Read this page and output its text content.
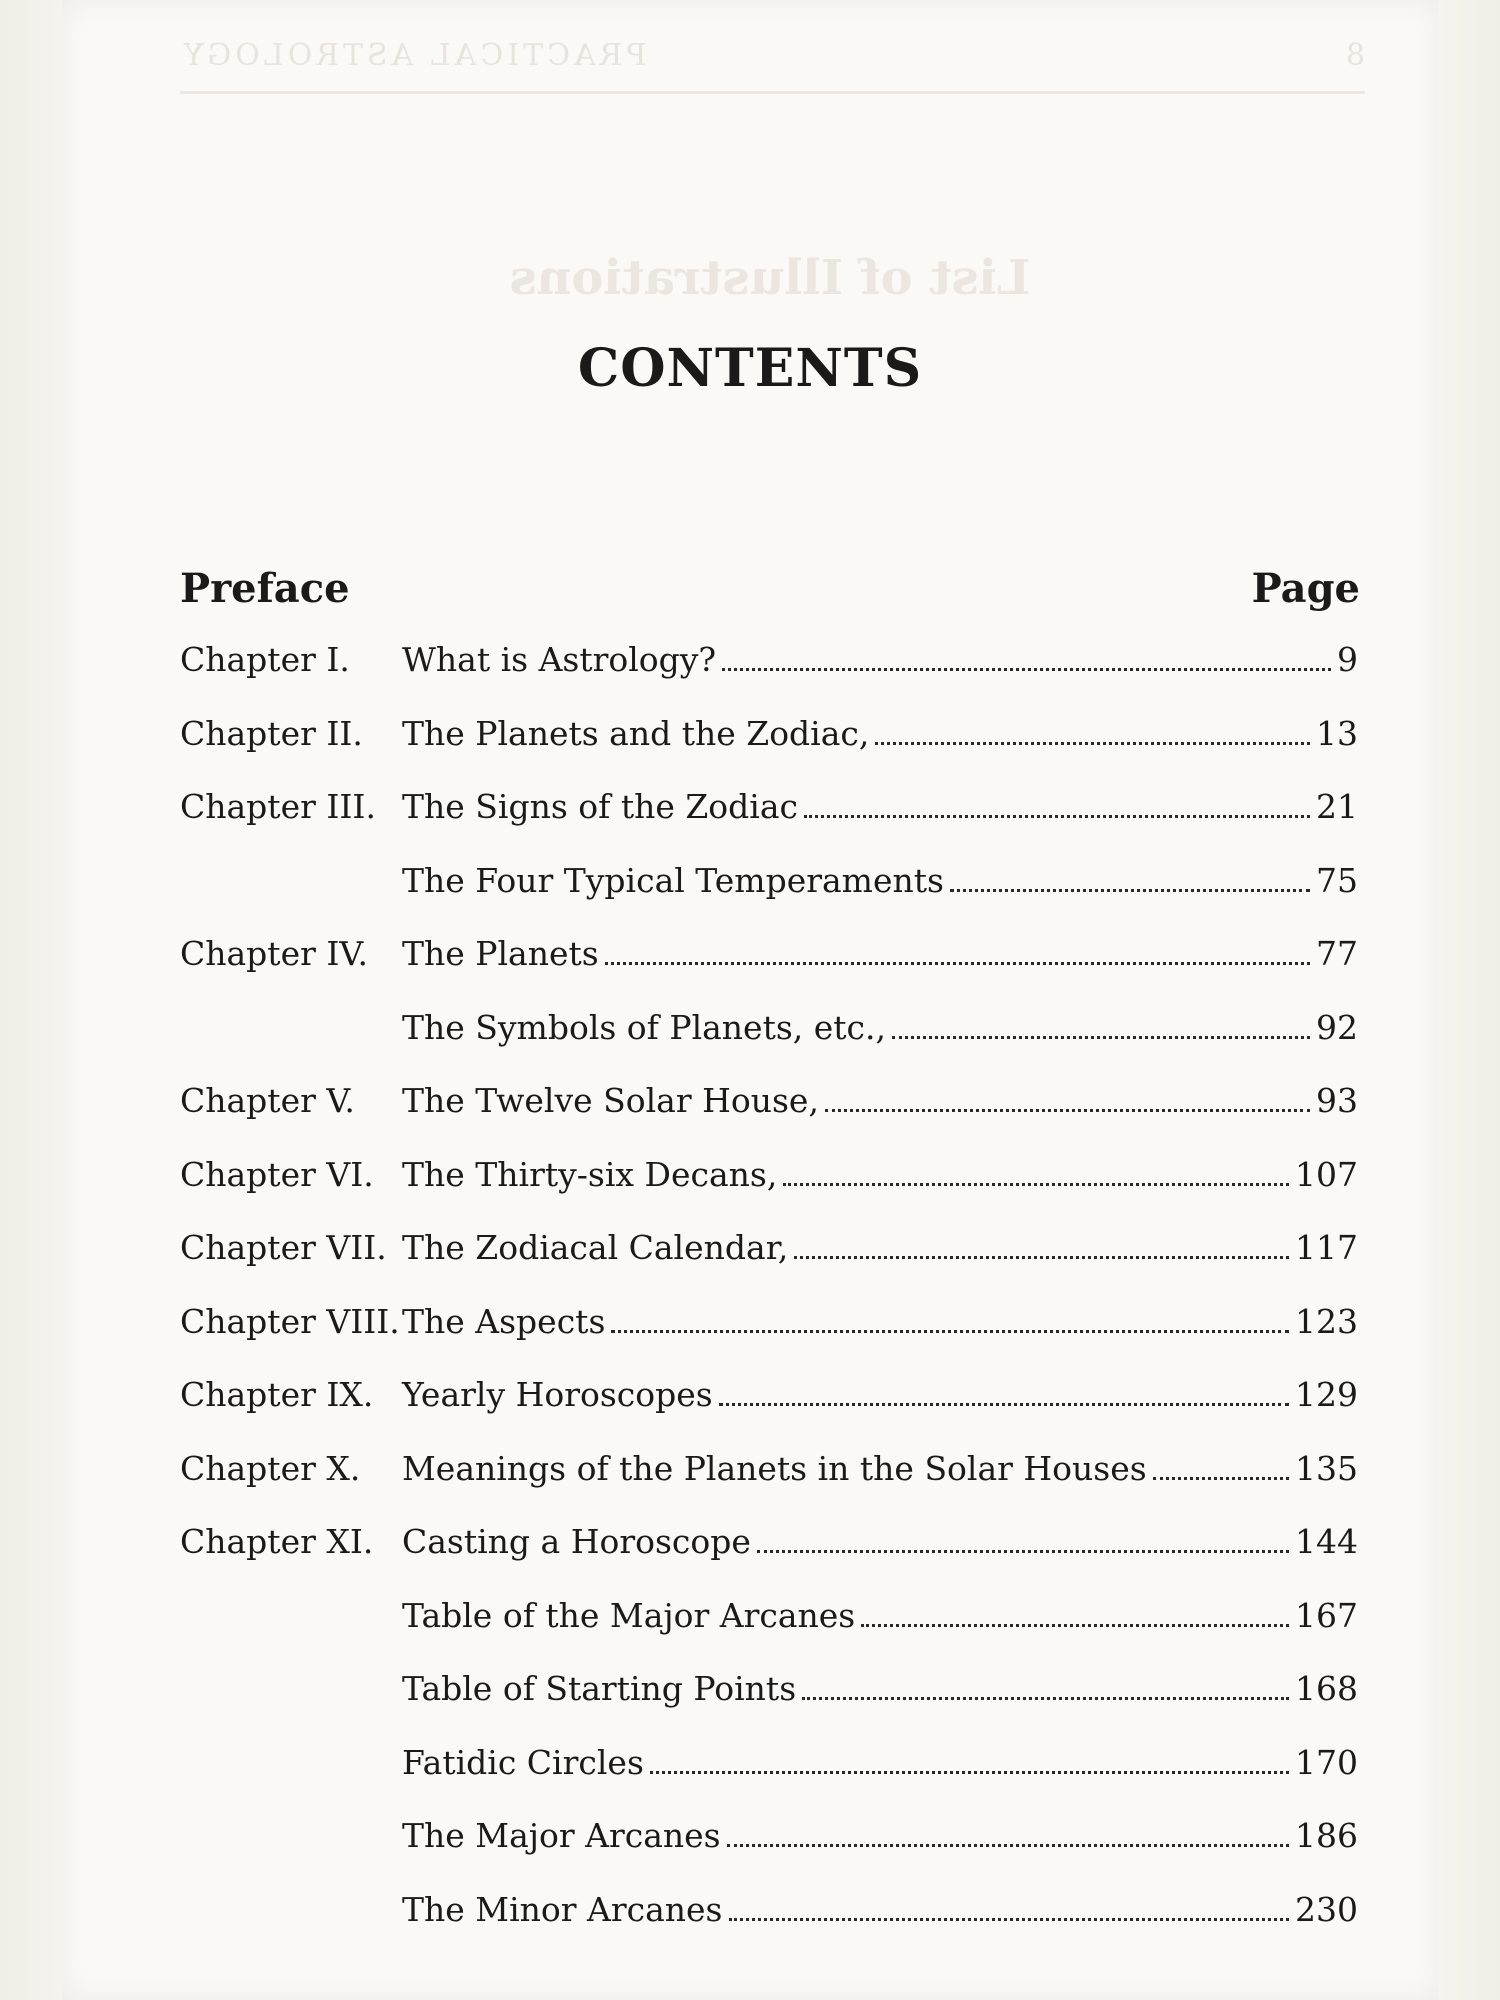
8
PRACTICAL ASTROLOGY
List of Illustrations
CONTENTS
Preface	Page
Chapter I.	What is Astrology?	9
Chapter II.	The Planets and the Zodiac,	13
Chapter III. The Signs of the Zodiac	21
The Four Typical Temperaments	75
Chapter IV.	The Planets	77
The Symbols of Planets, etc.,	92
Chapter V.	The Twelve Solar House,	93
Chapter VI. The Thirty-six Decans,	107
Chapter VII. The Zodiacal Calendar,	117
Chapter VIII. The Aspects	123
Chapter IX. Yearly Horoscopes	129
Chapter X.	Meanings of the Planets in the Solar Houses	135
Chapter XI. Casting a Horoscope	144
Table of the Major Arcanes	167
Table of Starting Points	168
Fatidic Circles	170
The Major Arcanes	186
The Minor Arcanes	230
